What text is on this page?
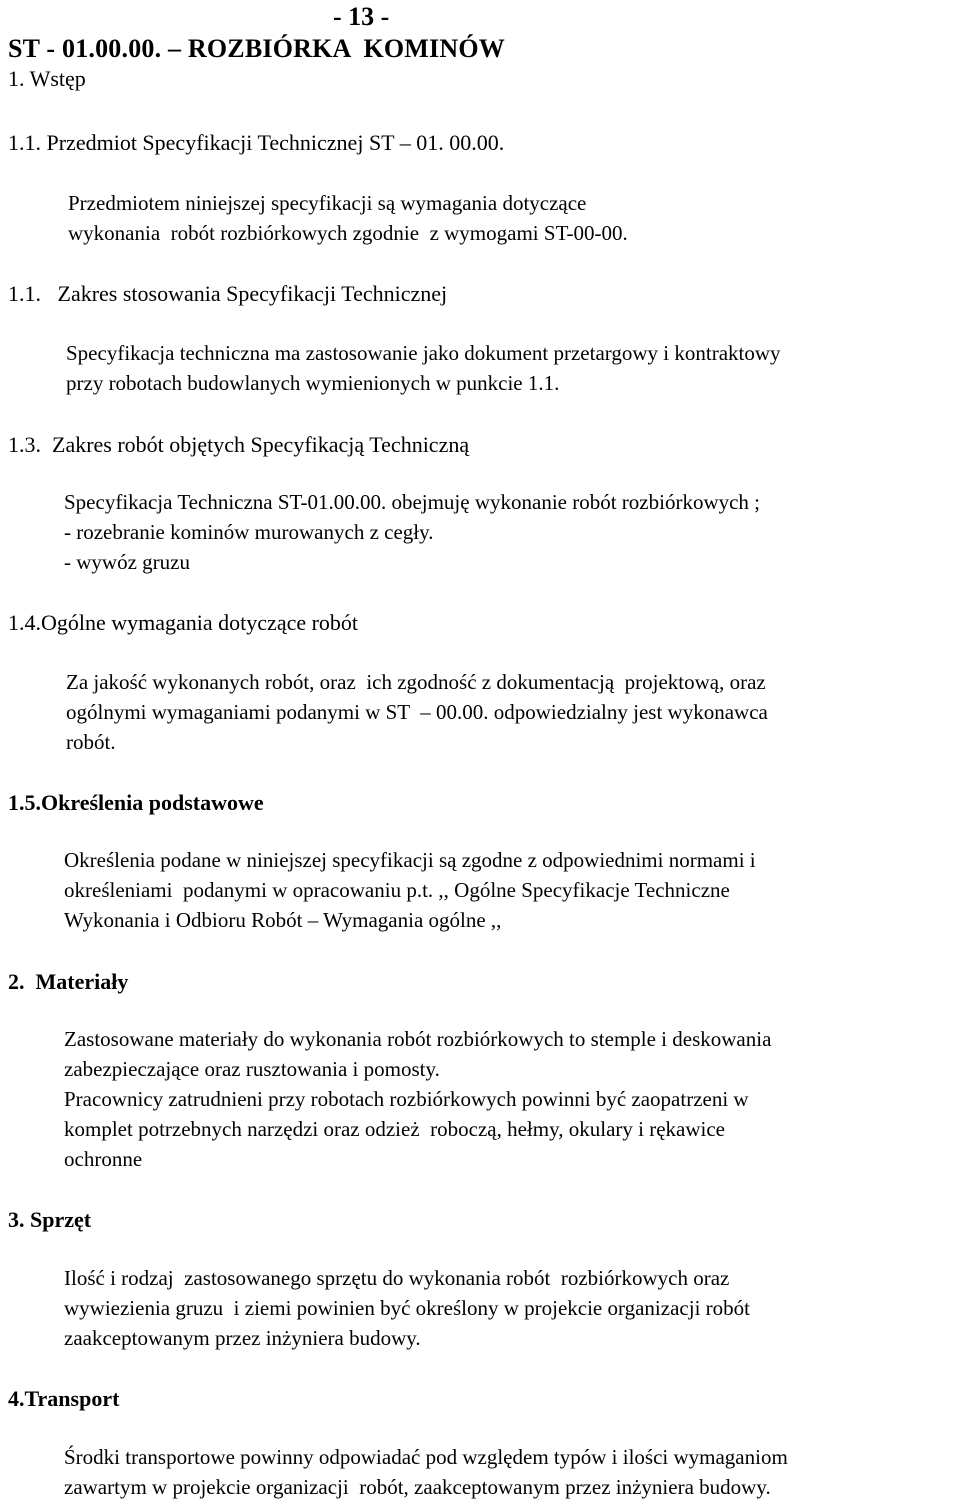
- 13 -
ST - 01.00.00. – ROZBIÓRKA  KOMINÓW
1. Wstęp
1.1. Przedmiot Specyfikacji Technicznej ST – 01. 00.00.
Przedmiotem niniejszej specyfikacji są wymagania dotyczące
wykonania  robót rozbiórkowych zgodnie  z wymogami ST-00-00.
1.1.   Zakres stosowania Specyfikacji Technicznej
Specyfikacja techniczna ma zastosowanie jako dokument przetargowy i kontraktowy
przy robotach budowlanych wymienionych w punkcie 1.1.
1.3.  Zakres robót objętych Specyfikacją Techniczną
Specyfikacja Techniczna ST-01.00.00. obejmuję wykonanie robót rozbiórkowych ;
- rozebranie kominów murowanych z cegły.
- wywóz gruzu
1.4.Ogólne wymagania dotyczące robót
Za jakość wykonanych robót, oraz  ich zgodność z dokumentacją  projektową, oraz
ogólnymi wymaganiami podanymi w ST  – 00.00. odpowiedzialny jest wykonawca
robót.
1.5.Określenia podstawowe
Określenia podane w niniejszej specyfikacji są zgodne z odpowiednimi normami i
określeniami  podanymi w opracowaniu p.t. ,, Ogólne Specyfikacje Techniczne
Wykonania i Odbioru Robót – Wymagania ogólne ,,
2.  Materiały
Zastosowane materiały do wykonania robót rozbiórkowych to stemple i deskowania
zabezpieczające oraz rusztowania i pomosty.
Pracownicy zatrudnieni przy robotach rozbiórkowych powinni być zaopatrzeni w
komplet potrzebnych narzędzi oraz odzież  roboczą, hełmy, okulary i rękawice
ochronne
3. Sprzęt
Ilość i rodzaj  zastosowanego sprzętu do wykonania robót  rozbiórkowych oraz
wywiezienia gruzu  i ziemi powinien być określony w projekcie organizacji robót
zaakceptowanym przez inżyniera budowy.
4.Transport
Środki transportowe powinny odpowiadać pod względem typów i ilości wymaganiom
zawartym w projekcie organizacji  robót, zaakceptowanym przez inżyniera budowy.
